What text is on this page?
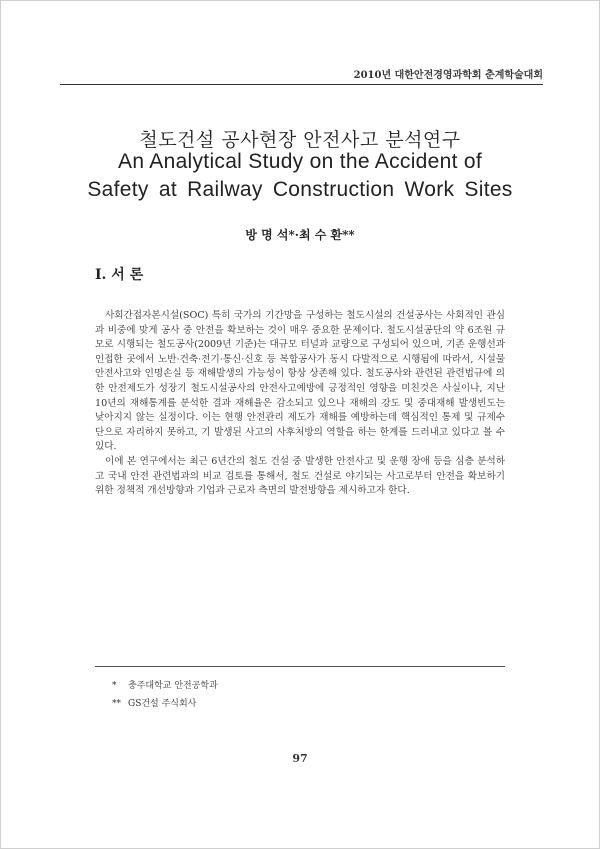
2010년 대한안전경영과학회 춘계학술대회
철도건설 공사현장 안전사고 분석연구
An Analytical Study on the Accident of
Safety at Railway Construction Work Sites
방 명 석*·최 수 환**
Ⅰ. 서 론

사회간접자본시설(SOC) 특히 국가의 기간망을 구성하는 철도시설의 건설공사는 사회적인 관심과 비중에 맞게 공사 중 안전을 확보하는 것이 매우 중요한 문제이다. 철도시설공단의 약 6조원 규모로 시행되는 철도공사(2009년 기준)는 대규모 터널과 교량으로 구성되어 있으며, 기존 운행선과 인접한 곳에서 노반·건축·전기·통신·신호 등 복합공사가 동시 다발적으로 시행됨에 따라서, 시설물 안전사고와 인명손실 등 재해발생의 가능성이 항상 상존해 있다. 철도공사와 관련된 관련법규에 의한 안전제도가 성장기 철도시설공사의 안전사고예방에 긍정적인 영향을 미친것은 사실이나, 지난 10년의 재해통계를 분석한 결과 재해율은 감소되고 있으나 재해의 강도 및 중대재해 발생빈도는 낮아지지 않는 실정이다. 이는 현행 안전관리 제도가 재해를 예방하는데 핵심적인 통제 및 규제수단으로 자리하지 못하고, 기 발생된 사고의 사후처방의 역할을 하는 한계를 드러내고 있다고 볼 수 있다.

이에 본 연구에서는 최근 6년간의 철도 건설 중 발생한 안전사고 및 운행 장애 등을 심층 분석하고 국내 안전 관련법과의 비교 검토를 통해서, 철도 건설로 야기되는 사고로부터 안전을 확보하기 위한 정책적 개선방향과 기업과 근로자 측면의 발전방향을 제시하고자 한다.

* 충주대학교 안전공학과
** GS건설 주식회사
97
